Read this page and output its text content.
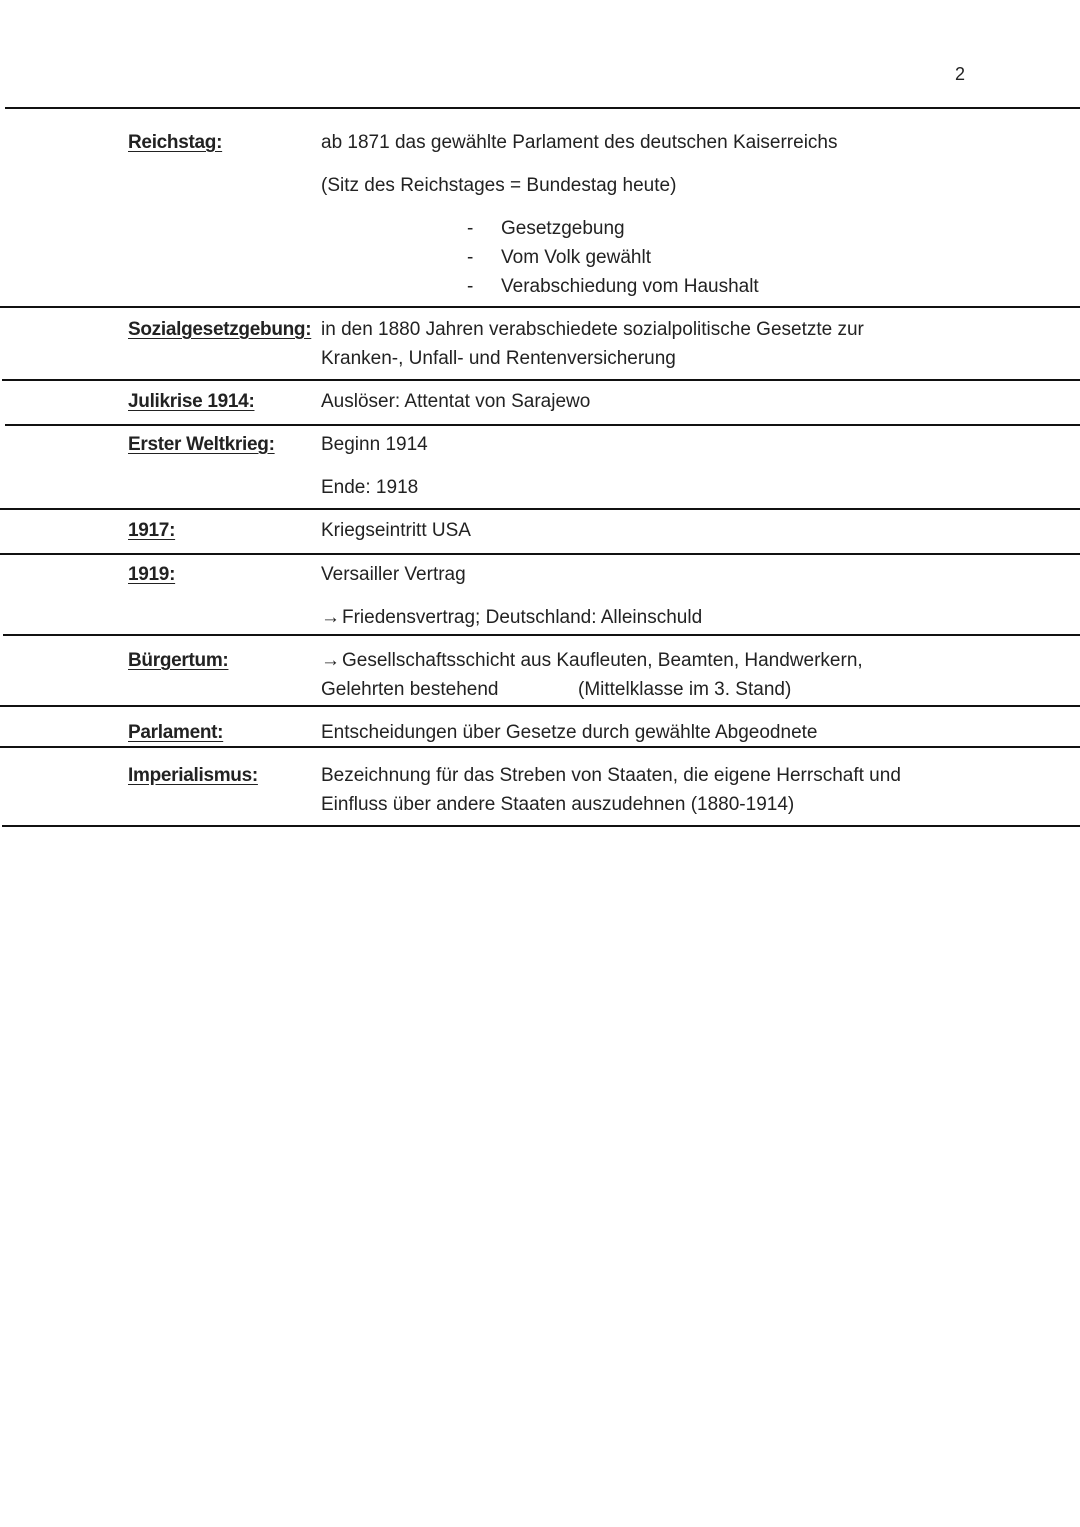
2
Reichstag:	ab 1871 das gewählte Parlament des deutschen Kaiserreichs
(Sitz des Reichstages = Bundestag heute)
- Gesetzgebung
- Vom Volk gewählt
- Verabschiedung vom Haushalt
Sozialgesetzgebung: in den 1880 Jahren verabschiedete sozialpolitische Gesetzte zur
Kranken-, Unfall- und Rentenversicherung
Julikrise 1914:	Auslöser: Attentat von Sarajewo
Erster Weltkrieg: Beginn 1914
Ende: 1918
1917:	Kriegseintritt USA
1919:	Versailler Vertrag
→ Friedensvertrag; Deutschland: Alleinschuld
Bürgertum:	→ Gesellschaftsschicht aus Kaufleuten, Beamten, Handwerkern,
Gelehrten bestehend	(Mittelklasse im 3. Stand)
Parlament:	Entscheidungen über Gesetze durch gewählte Abgeodnete
Imperialismus:	Bezeichnung für das Streben von Staaten, die eigene Herrschaft und
Einfluss über andere Staaten auszudehnen (1880-1914)
